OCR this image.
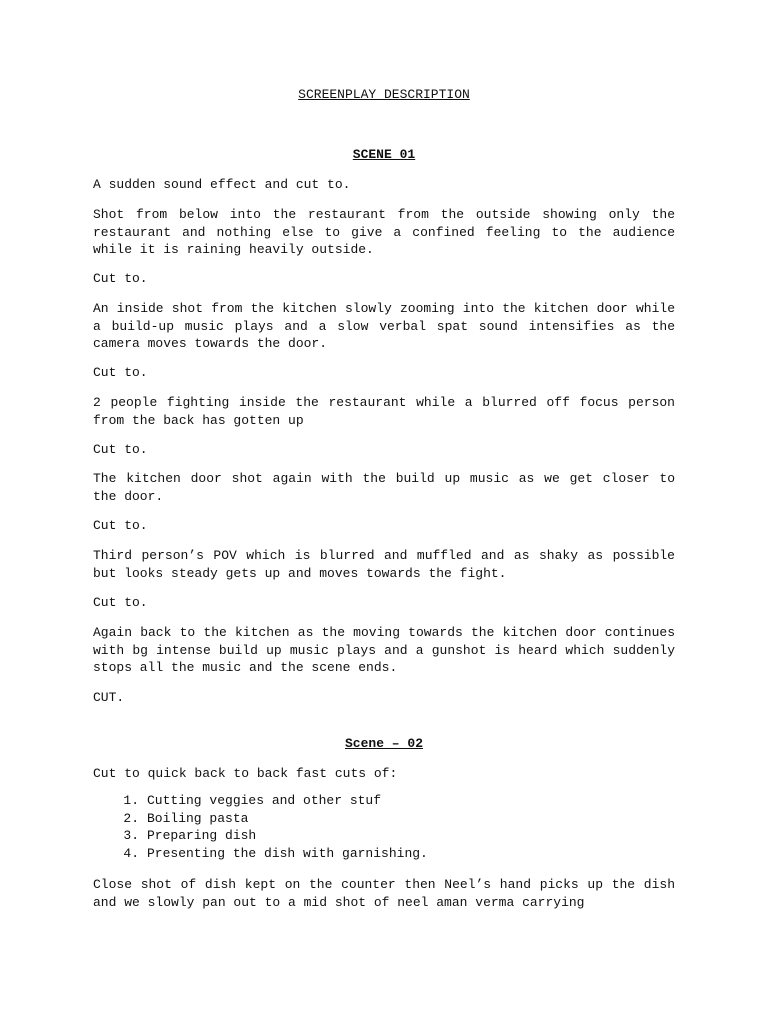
SCREENPLAY DESCRIPTION
SCENE 01

A sudden sound effect and cut to.

Shot from below into the restaurant from the outside showing only the restaurant and nothing else to give a confined feeling to the audience while it is raining heavily outside.

Cut to.

An inside shot from the kitchen slowly zooming into the kitchen door while a build-up music plays and a slow verbal spat sound intensifies as the camera moves towards the door.

Cut to.

2 people fighting inside the restaurant while a blurred off focus person from the back has gotten up

Cut to.

The kitchen door shot again with the build up music as we get closer to the door.

Cut to.

Third person’s POV which is blurred and muffled and as shaky as possible but looks steady gets up and moves towards the fight.

Cut to.

Again back to the kitchen as the moving towards the kitchen door continues with bg intense build up music plays and a gunshot is heard which suddenly stops all the music and the scene ends.

CUT.

Scene – 02

Cut to quick back to back fast cuts of:

1. Cutting veggies and other stuf
2. Boiling pasta
3. Preparing dish
4. Presenting the dish with garnishing.

Close shot of dish kept on the counter then Neel’s hand picks up the dish and we slowly pan out to a mid shot of neel aman verma carrying
